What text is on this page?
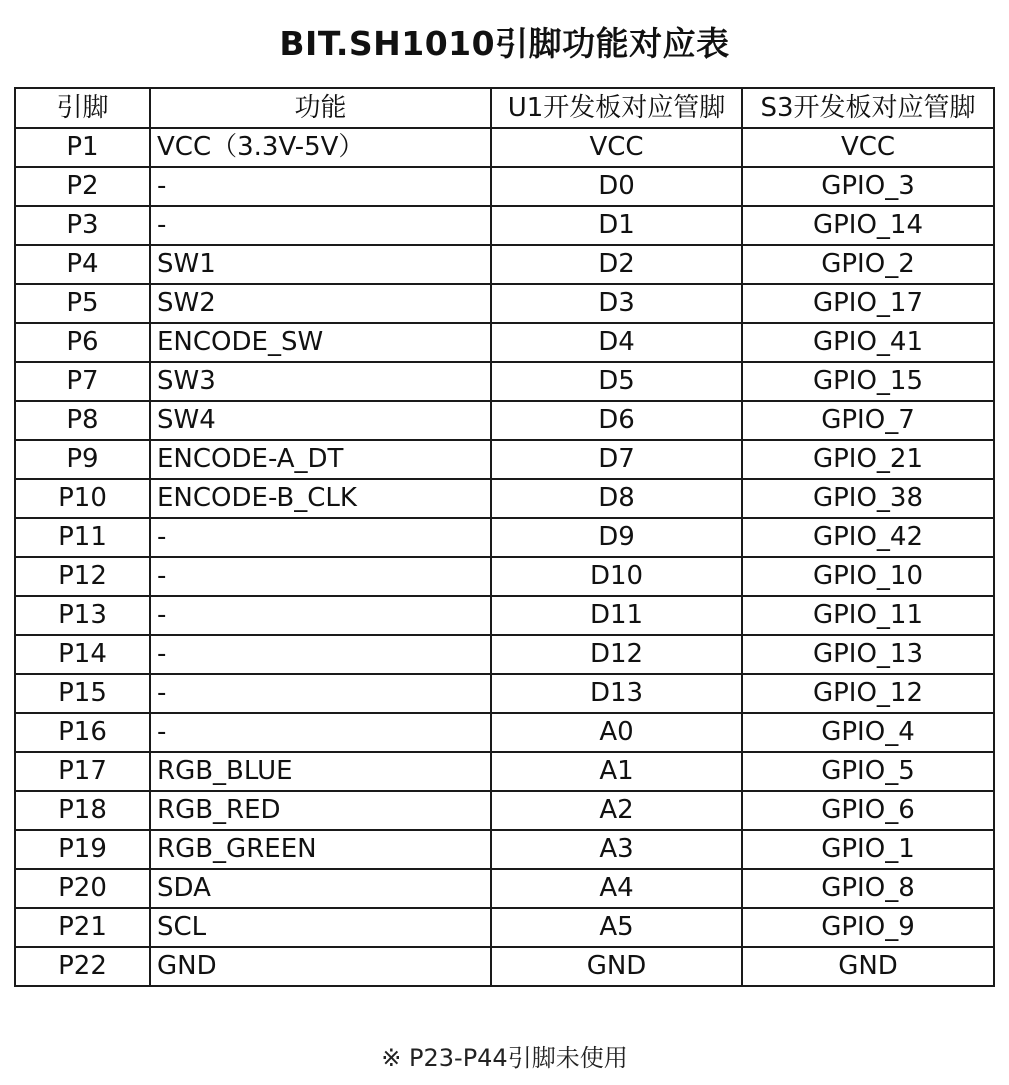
BIT.SH1010引脚功能对应表
引脚	功能	U1开发板对应管脚	S3开发板对应管脚
P1	VCC（3.3V-5V）	VCC	VCC
P2	-	D0	GPIO_3
P3	-	D1	GPIO_14
P4	SW1	D2	GPIO_2
P5	SW2	D3	GPIO_17
P6	ENCODE_SW	D4	GPIO_41
P7	SW3	D5	GPIO_15
P8	SW4	D6	GPIO_7
P9	ENCODE-A_DT	D7	GPIO_21
P10	ENCODE-B_CLK	D8	GPIO_38
P11	-	D9	GPIO_42
P12	-	D10	GPIO_10
P13	-	D11	GPIO_11
P14	-	D12	GPIO_13
P15	-	D13	GPIO_12
P16	-	A0	GPIO_4
P17	RGB_BLUE	A1	GPIO_5
P18	RGB_RED	A2	GPIO_6
P19	RGB_GREEN	A3	GPIO_1
P20	SDA	A4	GPIO_8
P21	SCL	A5	GPIO_9
P22	GND	GND	GND
※ P23-P44引脚未使用
